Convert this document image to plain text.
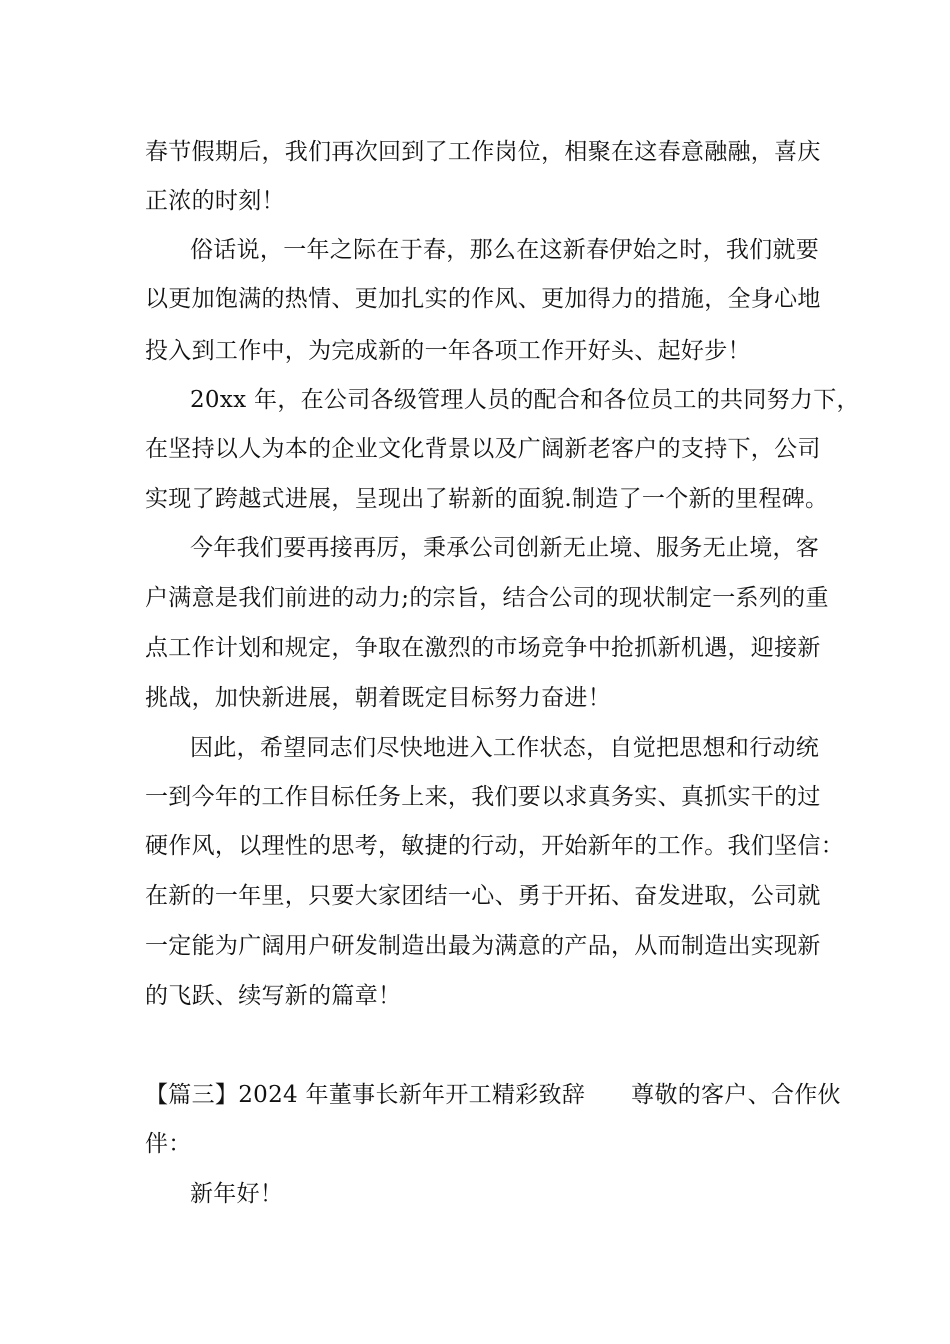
春节假期后，我们再次回到了工作岗位，相聚在这春意融融，喜庆
正浓的时刻！
俗话说，一年之际在于春，那么在这新春伊始之时，我们就要
以更加饱满的热情、更加扎实的作风、更加得力的措施，全身心地
投入到工作中，为完成新的一年各项工作开好头、起好步！
20xx 年，在公司各级管理人员的配合和各位员工的共同努力下，
在坚持以人为本的企业文化背景以及广阔新老客户的支持下，公司
实现了跨越式进展，呈现出了崭新的面貌.制造了一个新的里程碑。
今年我们要再接再厉，秉承公司创新无止境、服务无止境，客
户满意是我们前进的动力;的宗旨，结合公司的现状制定一系列的重
点工作计划和规定，争取在激烈的市场竞争中抢抓新机遇，迎接新
挑战，加快新进展，朝着既定目标努力奋进！
因此，希望同志们尽快地进入工作状态，自觉把思想和行动统
一到今年的工作目标任务上来，我们要以求真务实、真抓实干的过
硬作风，以理性的思考，敏捷的行动，开始新年的工作。我们坚信：
在新的一年里，只要大家团结一心、勇于开拓、奋发进取，公司就
一定能为广阔用户研发制造出最为满意的产品，从而制造出实现新
的飞跃、续写新的篇章！
【篇三】2024 年董事长新年开工精彩致辞 尊敬的客户、合作伙
伴：
新年好！
